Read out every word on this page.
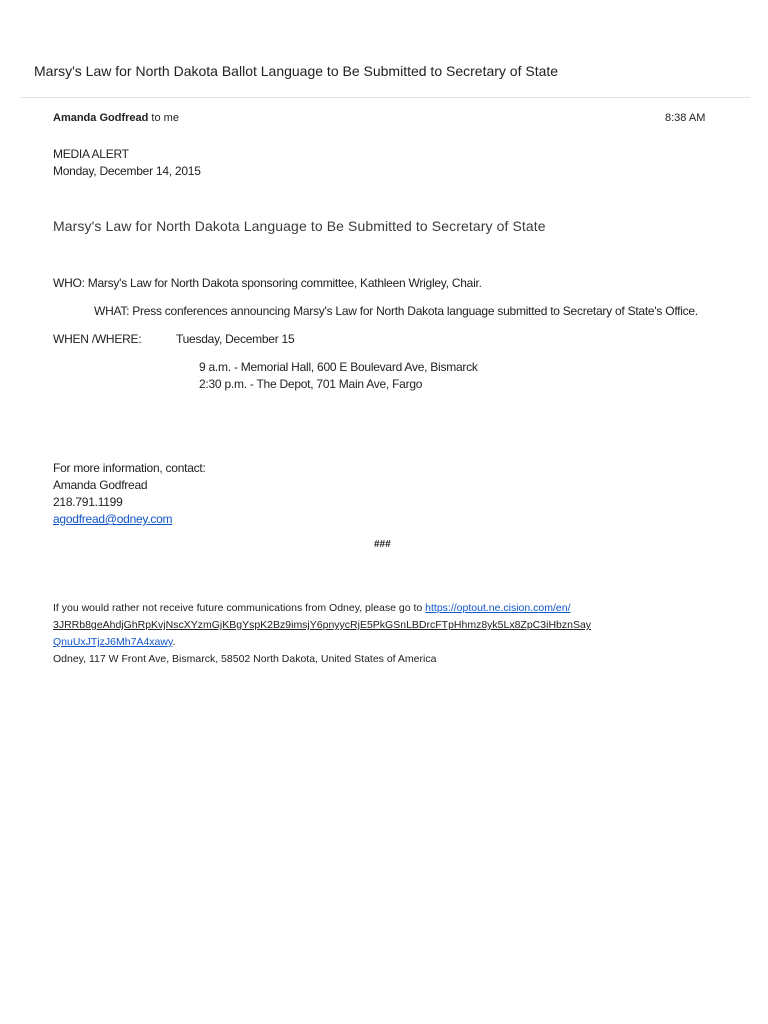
Marsy's Law for North Dakota Ballot Language to Be Submitted to Secretary of State
Amanda Godfread to me	8:38 AM
MEDIA ALERT
Monday, December 14, 2015
Marsy's Law for North Dakota Language to Be Submitted to Secretary of State
WHO: Marsy's Law for North Dakota sponsoring committee, Kathleen Wrigley, Chair.
WHAT: Press conferences announcing Marsy's Law for North Dakota language submitted to Secretary of State's Office.
WHEN /WHERE:	Tuesday, December 15
9 a.m. - Memorial Hall, 600 E Boulevard Ave, Bismarck
2:30 p.m. - The Depot, 701 Main Ave, Fargo
For more information, contact:
Amanda Godfread
218.791.1199
agodfread@odney.com
###
If you would rather not receive future communications from Odney, please go to https://optout.ne.cision.com/en/
3JRRb8geAhdjGhRpKvjNscXYzmGjKBgYspK2Bz9imsjY6pnyycRjE5PkGSnLBDrcFTpHhmz8yk5Lx8ZpC3iHbznSay
QnuUxJTjzJ6Mh7A4xawy.
Odney, 117 W Front Ave, Bismarck, 58502 North Dakota, United States of America
